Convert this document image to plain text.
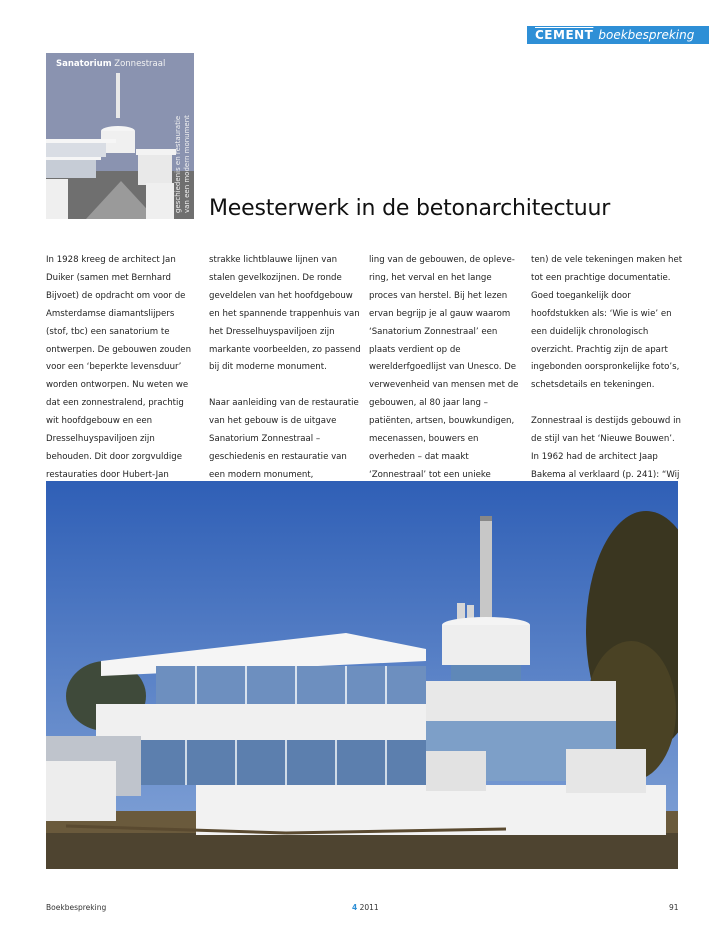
CEMENT boekbespreking
Sanatorium Zonnestraal
geschiedenis en restauratie van een modern monument Meesterwerk in de betonarchitectuur

In 1928 kreeg de architect Jan Duiker (samen met Bernhard Bijvoet) de opdracht om voor de Amsterdamse diamantslijpers (stof, tbc) een sanatorium te ontwerpen. De gebouwen zouden voor een ‘beperkte levensduur’ worden ontworpen. Nu weten we dat een zonnestralend, prachtig wit hoofdgebouw en een Dresselhuyspaviljoen zijn behouden. Dit door zorgvuldige restauraties door Hubert-Jan

strakke lichtblauwe lijnen van stalen gevelkozijnen. De ronde geveldelen van het hoofdgebouw en het spannende trappenhuis van het Dresselhuyspaviljoen zijn markante voorbeelden, zo passend bij dit moderne monument.

Naar aanleiding van de restauratie van het gebouw is de uitgave Sanatorium Zonnestraal – geschiedenis en restauratie van een modern monument,

ling van de gebouwen, de opleve-ring, het verval en het lange proces van herstel. Bij het lezen ervan begrijp je al gauw waarom ‘Sanatorium Zonnestraal’ een plaats verdient op de werelderfgoedlijst van Unesco. De verwevenheid van mensen met de gebouwen, al 80 jaar lang – patiënten, artsen, bouwkundigen, mecenassen, bouwers en overheden – dat maakt ‘Zonnestraal’ tot een unieke

ten) de vele tekeningen maken het tot een prachtige documentatie. Goed toegankelijk door hoofdstukken als: ‘Wie is wie’ en een duidelijk chronologisch overzicht. Prachtig zijn de apart ingebonden oorspronkelijke foto’s, schetsdetails en tekeningen.

Zonnestraal is destijds gebouwd in de stijl van het ‘Nieuwe Bouwen’. In 1962 had de architect Jaap Bakema al verklaard (p. 241): “Wij

Boekbespreking	4 2011	91
